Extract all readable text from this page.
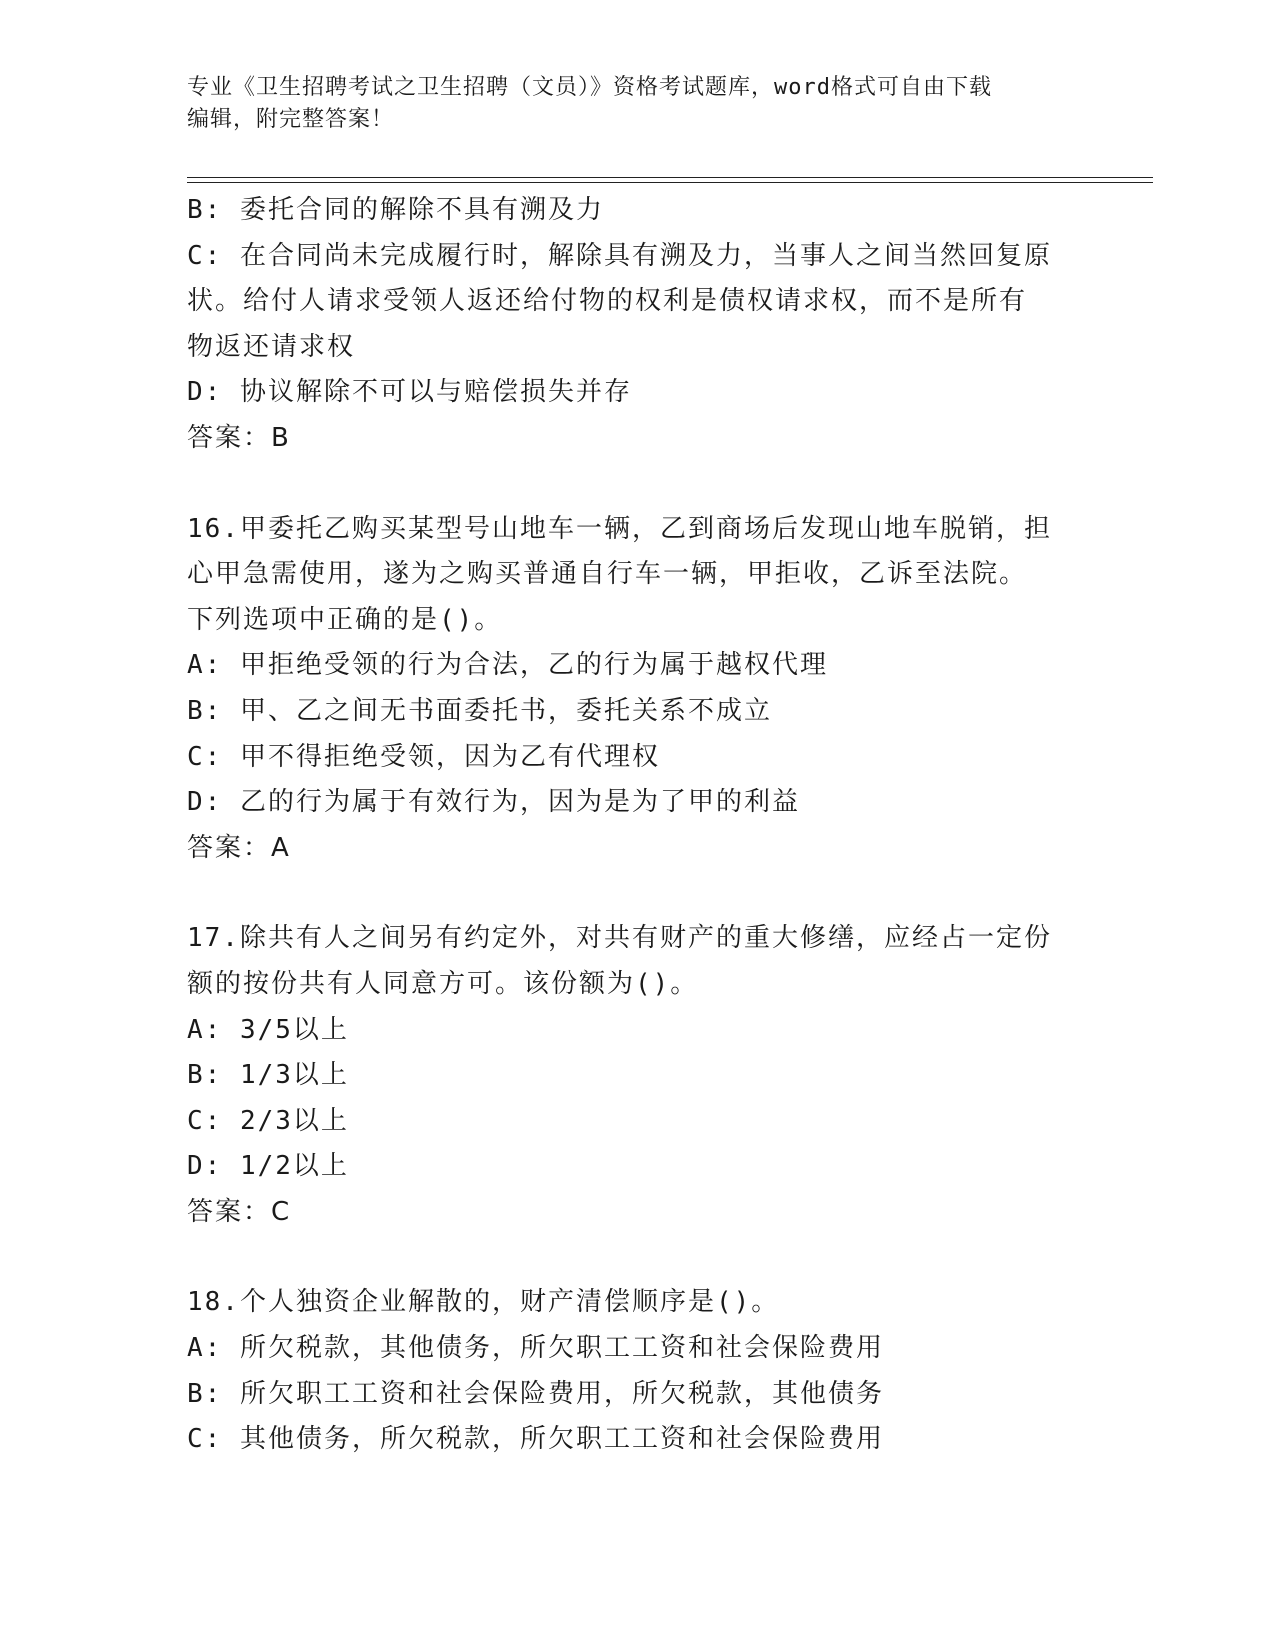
专业《卫生招聘考试之卫生招聘（文员）》资格考试题库，word格式可自由下载
编辑，附完整答案！
B: 委托合同的解除不具有溯及力
C: 在合同尚未完成履行时，解除具有溯及力，当事人之间当然回复原
状。给付人请求受领人返还给付物的权利是债权请求权，而不是所有
物返还请求权
D: 协议解除不可以与赔偿损失并存
答案：B
16.甲委托乙购买某型号山地车一辆，乙到商场后发现山地车脱销，担
心甲急需使用，遂为之购买普通自行车一辆，甲拒收，乙诉至法院。
下列选项中正确的是()。
A: 甲拒绝受领的行为合法，乙的行为属于越权代理
B: 甲、乙之间无书面委托书，委托关系不成立
C: 甲不得拒绝受领，因为乙有代理权
D: 乙的行为属于有效行为，因为是为了甲的利益
答案：A
17.除共有人之间另有约定外，对共有财产的重大修缮，应经占一定份
额的按份共有人同意方可。该份额为()。
A: 3/5以上
B: 1/3以上
C: 2/3以上
D: 1/2以上
答案：C
18.个人独资企业解散的，财产清偿顺序是()。
A: 所欠税款，其他债务，所欠职工工资和社会保险费用
B: 所欠职工工资和社会保险费用，所欠税款，其他债务
C: 其他债务，所欠税款，所欠职工工资和社会保险费用
